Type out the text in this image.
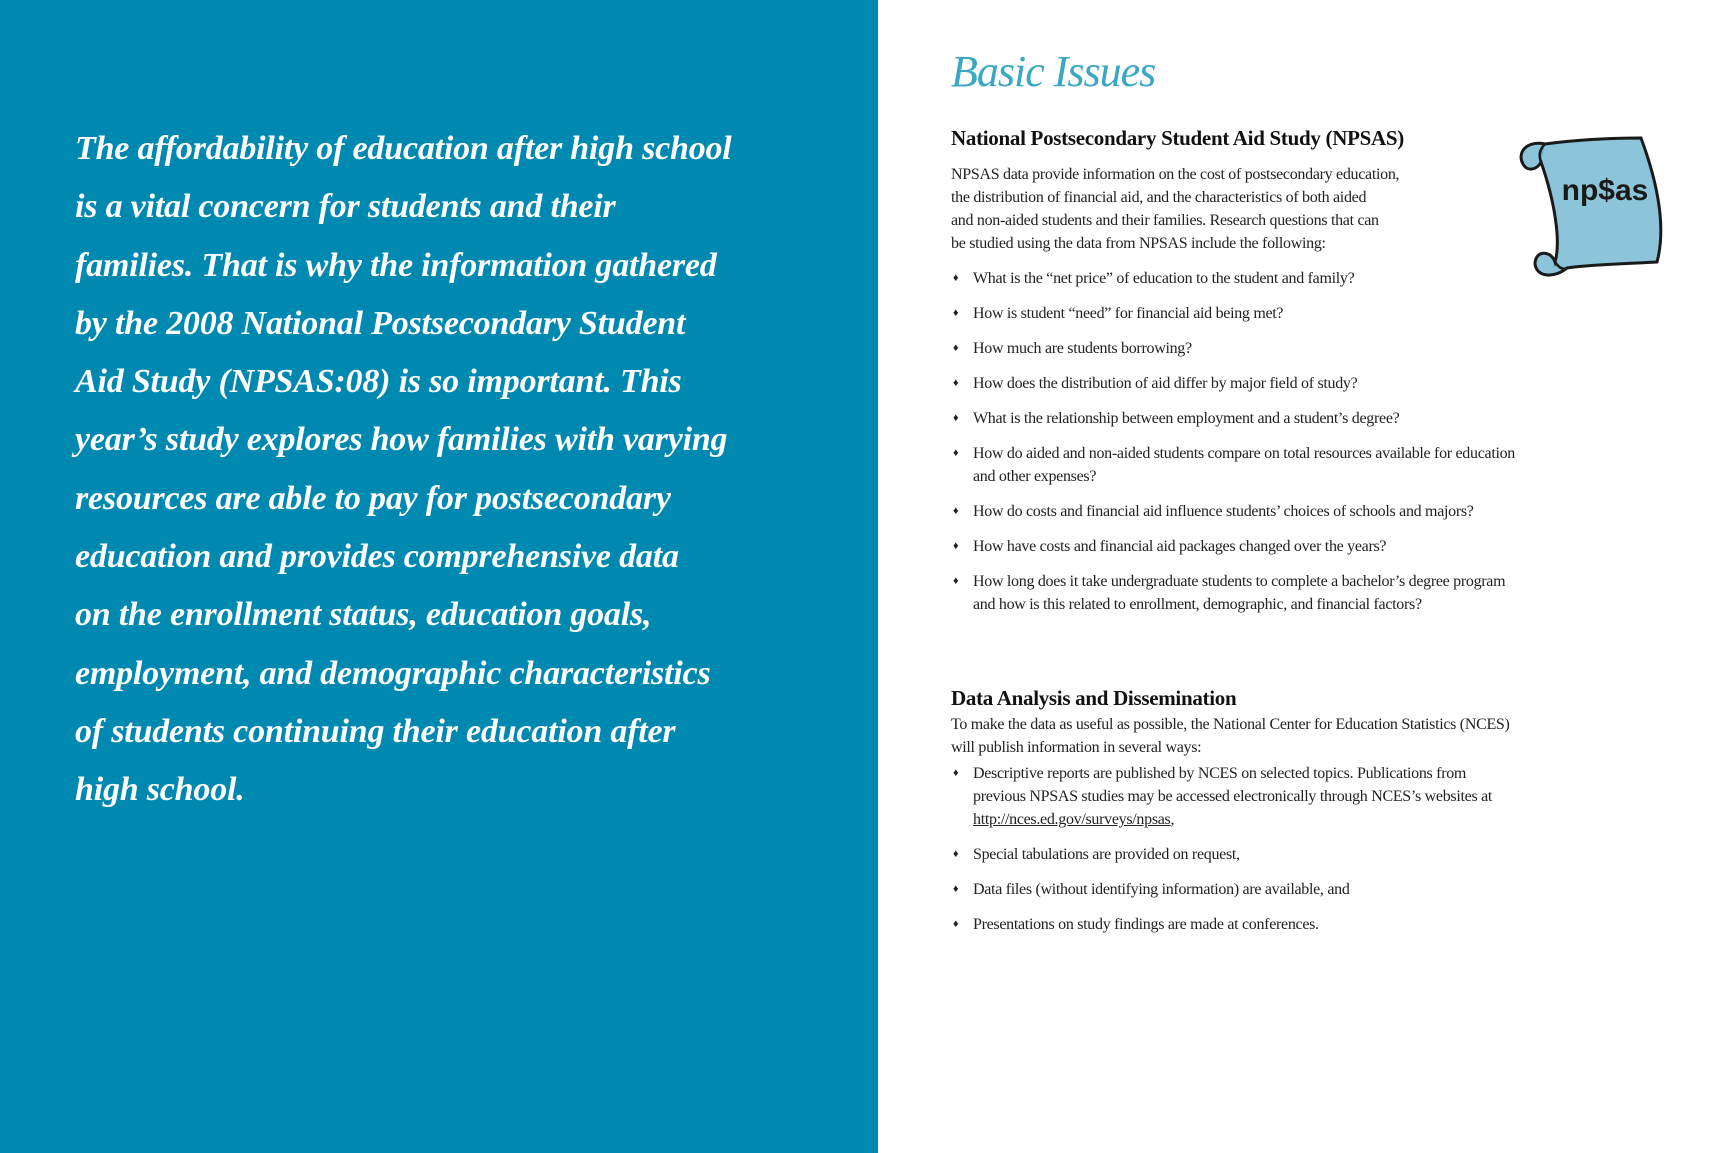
The affordability of education after high school
is a vital concern for students and their
families. That is why the information gathered
by the 2008 National Postsecondary Student
Aid Study (NPSAS:08) is so important. This
year’s study explores how families with varying
resources are able to pay for postsecondary
education and provides comprehensive data
on the enrollment status, education goals,
employment, and demographic characteristics
of students continuing their education after
high school.
Basic Issues
National Postsecondary Student Aid Study (NPSAS)
NPSAS data provide information on the cost of postsecondary education,
the distribution of financial aid, and the characteristics of both aided
and non-aided students and their families. Research questions that can
be studied using the data from NPSAS include the following:
♦ What is the “net price” of education to the student and family?
♦ How is student “need” for financial aid being met?
♦ How much are students borrowing?
♦ How does the distribution of aid differ by major field of study?
♦ What is the relationship between employment and a student’s degree?
♦ How do aided and non-aided students compare on total resources available for education
and other expenses?
♦ How do costs and financial aid influence students’ choices of schools and majors?
♦ How have costs and financial aid packages changed over the years?
♦ How long does it take undergraduate students to complete a bachelor’s degree program
and how is this related to enrollment, demographic, and financial factors?
Data Analysis and Dissemination
To make the data as useful as possible, the National Center for Education Statistics (NCES)
will publish information in several ways:
♦ Descriptive reports are published by NCES on selected topics. Publications from
previous NPSAS studies may be accessed electronically through NCES’s websites at
http://nces.ed.gov/surveys/npsas,
♦ Special tabulations are provided on request,
♦ Data files (without identifying information) are available, and
♦ Presentations on study findings are made at conferences.
np$as
